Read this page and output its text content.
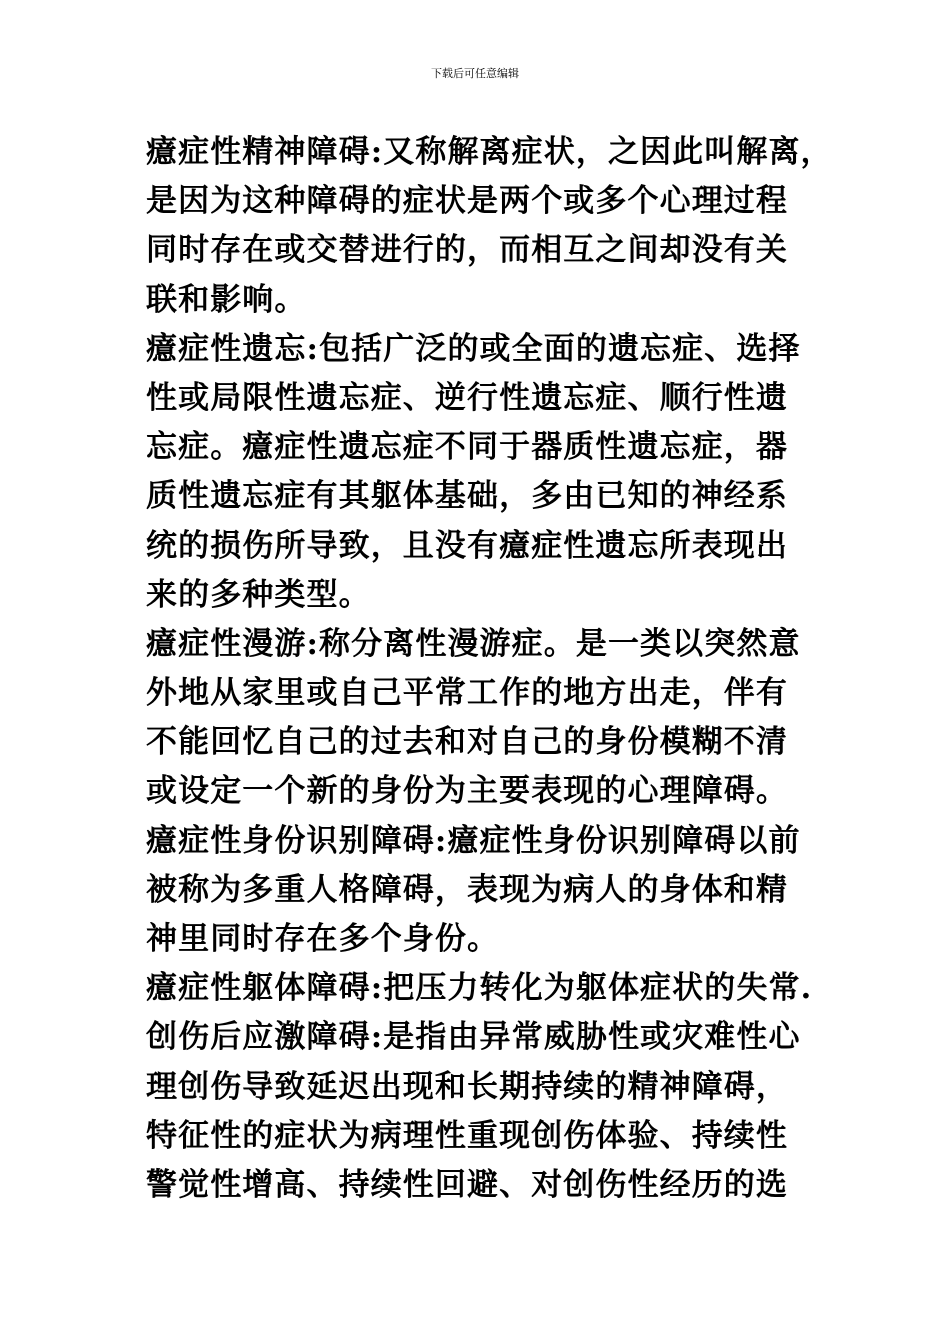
下载后可任意编辑
癔症性精神障碍:又称解离症状，之因此叫解离，
是因为这种障碍的症状是两个或多个心理过程
同时存在或交替进行的，而相互之间却没有关
联和影响。
癔症性遗忘:包括广泛的或全面的遗忘症、选择
性或局限性遗忘症、逆行性遗忘症、顺行性遗
忘症。癔症性遗忘症不同于器质性遗忘症，器
质性遗忘症有其躯体基础，多由已知的神经系
统的损伤所导致，且没有癔症性遗忘所表现出
来的多种类型。
癔症性漫游:称分离性漫游症。是一类以突然意
外地从家里或自己平常工作的地方出走，伴有
不能回忆自己的过去和对自己的身份模糊不清
或设定一个新的身份为主要表现的心理障碍。
癔症性身份识别障碍:癔症性身份识别障碍以前
被称为多重人格障碍，表现为病人的身体和精
神里同时存在多个身份。
癔症性躯体障碍:把压力转化为躯体症状的失常.
创伤后应激障碍:是指由异常威胁性或灾难性心
理创伤导致延迟出现和长期持续的精神障碍，
特征性的症状为病理性重现创伤体验、持续性
警觉性增高、持续性回避、对创伤性经历的选
